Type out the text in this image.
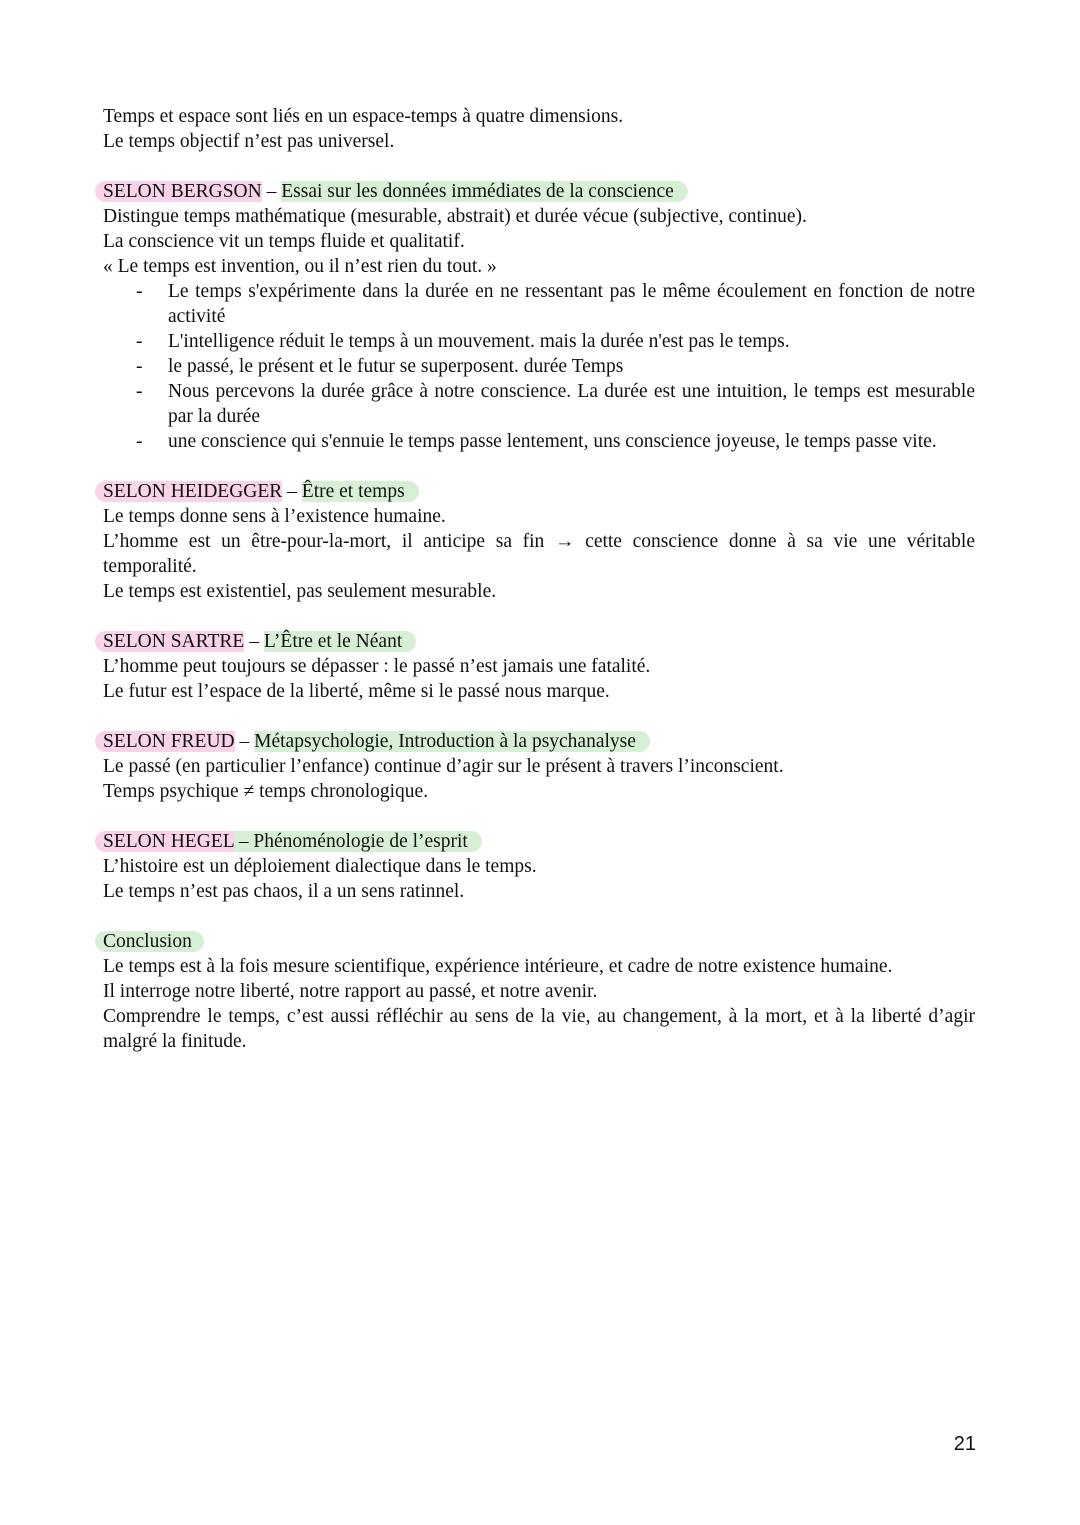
Temps et espace sont liés en un espace-temps à quatre dimensions.

Le temps objectif n’est pas universel.

SELON BERGSON – Essai sur les données immédiates de la conscience

Distingue temps mathématique (mesurable, abstrait) et durée vécue (subjective, continue).

La conscience vit un temps fluide et qualitatif.

« Le temps est invention, ou il n’est rien du tout. »

- Le temps s'expérimente dans la durée en ne ressentant pas le même écoulement en fonction de notre activité
- L'intelligence réduit le temps à un mouvement. mais la durée n'est pas le temps.
- le passé, le présent et le futur se superposent. durée Temps
- Nous percevons la durée grâce à notre conscience. La durée est une intuition, le temps est mesurable par la durée
- une conscience qui s'ennuie le temps passe lentement, uns conscience joyeuse, le temps passe vite.

SELON HEIDEGGER – Être et temps

Le temps donne sens à l’existence humaine.

L’homme est un être-pour-la-mort, il anticipe sa fin → cette conscience donne à sa vie une véritable temporalité.

Le temps est existentiel, pas seulement mesurable.

SELON SARTRE – L’Être et le Néant

L’homme peut toujours se dépasser : le passé n’est jamais une fatalité.

Le futur est l’espace de la liberté, même si le passé nous marque.

SELON FREUD – Métapsychologie, Introduction à la psychanalyse

Le passé (en particulier l’enfance) continue d’agir sur le présent à travers l’inconscient.

Temps psychique ≠ temps chronologique.

SELON HEGEL – Phénoménologie de l’esprit

L’histoire est un déploiement dialectique dans le temps.

Le temps n’est pas chaos, il a un sens ratinnel.

Conclusion

Le temps est à la fois mesure scientifique, expérience intérieure, et cadre de notre existence humaine.

Il interroge notre liberté, notre rapport au passé, et notre avenir.

Comprendre le temps, c’est aussi réfléchir au sens de la vie, au changement, à la mort, et à la liberté d’agir malgré la finitude.

21
